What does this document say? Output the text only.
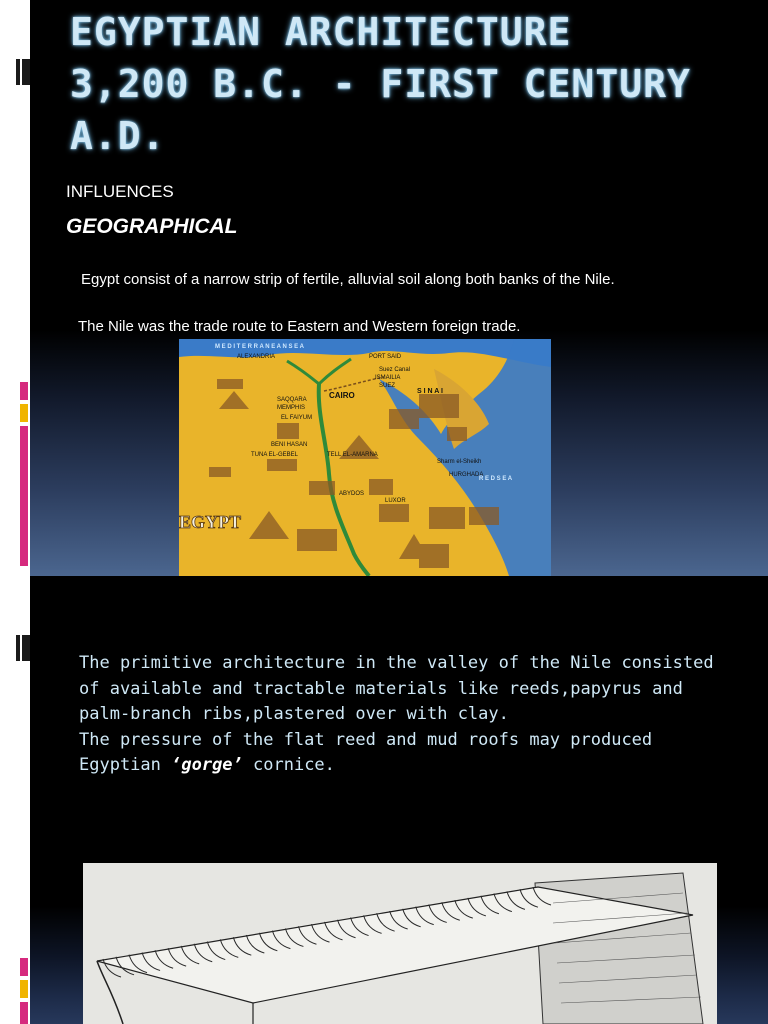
EGYPTIAN ARCHITECTURE
3,200 B.C. - FIRST CENTURY
A.D.
INFLUENCES
GEOGRAPHICAL
Egypt consist of a narrow strip of fertile, alluvial soil along both banks of the Nile.
The Nile was the trade route to Eastern and Western foreign trade.
M E D I T E R R A N E A N S E A
ALEXANDRIA	PORT SAID
Suez Canal
ISMAILIA
SUEZ
S I N A I
CAIRO
SAQQARA
MEMPHIS
EL FAIYUM
BENI HASAN
TELL EL-AMARNA
TUNA EL-GEBEL
HURGHADA
Sharm el-Sheikh
R E D S E A
ABYDOS
LUXOR
EGYPT
The primitive architecture in the valley of the Nile consisted of available and tractable materials like reeds,papyrus and palm-branch ribs,plastered over with clay.
The pressure of the flat reed and mud roofs may produced Egyptian ‘gorge’ cornice.
